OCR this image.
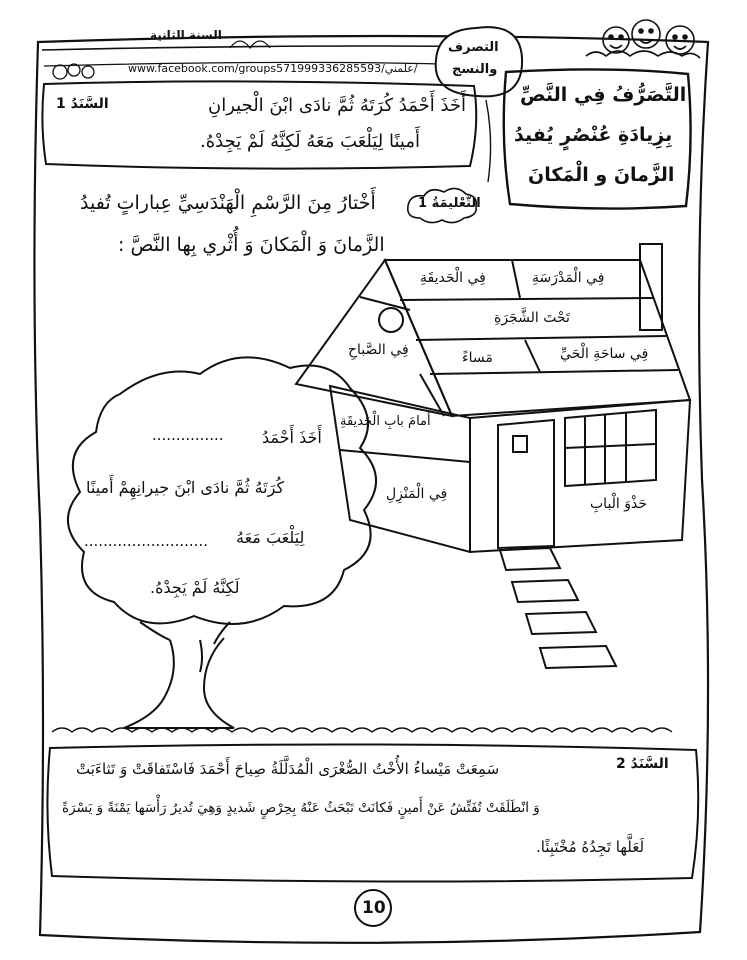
السنة الثانية
www.facebook.com/groups571999336285593/علمني/
التصرف
والنسج
التَّصَرُّفُ فِي النَّصِّ
بِزِيادَةِ عُنْصُرٍ يُفيدُ
الزَّمانَ و الْمَكانَ
السَّنَدُ 1	أَخَذَ أَحْمَدُ كُرَتَهُ ثُمَّ نادَى ابْنَ الْجيرانِ
أَمينًا لِيَلْعَبَ مَعَهُ لَكِنَّهُ لَمْ يَجِدْهُ.
التَّعْليمَةُ 1
أَخْتارُ مِنَ الرَّسْمِ الْهَنْدَسِيِّ عِباراتٍ تُفيدُ
الزَّمانَ وَ الْمَكانَ وَ أُثْري بِها النَّصَّ :
فِي الْمَدْرَسَةِ
فِي الْحَديقَةِ
تَحْتَ الشَّجَرَةِ
فِي الصَّباحِ	فِي ساحَةِ الْحَيِّ
مَساءً
أَمامَ بابِ الْحَديقَةِ
فِي الْمَنْزِلِ
حَذْوَ الْبابِ
............... أَخَذَ أَحْمَدُ
كُرَتَهُ ثُمَّ نادَى ابْنَ جيرانِهِمْ أَمينًا
لِيَلْعَبَ مَعَهُ
..........................
لَكِنَّهُ لَمْ يَجِدْهُ.
السَّنَدُ 2
سَمِعَتْ مَيْساءُ الأُخْتُ الصُّغْرَى الْمُدَلَّلَةُ صِياحَ أَحْمَدَ فَاسْتَفاقَتْ وَ تَثاءَبَتْ
وَ انْطَلَقَتْ تُفَتِّشُ عَنْ أَمينٍ فَكانَتْ تَبْحَثُ عَنْهُ بِحِرْصٍ شَديدٍ وَهِيَ تُديرُ رَأْسَها يَمْنَةً وَ يَسْرَةً
لَعَلَّها تَجِدُهُ مُخْتَبِئًا.
10
